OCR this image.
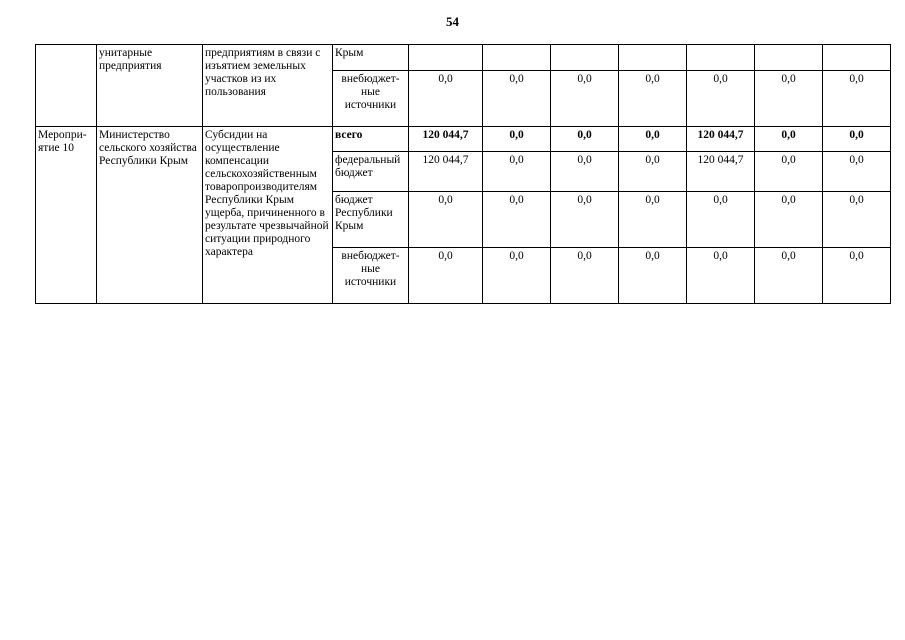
54
	унитарные предприятия	предприятиям в связи с изъятием земельных участков из их пользования	Крым							
			внебюджет-ные источники	0,0	0,0	0,0	0,0	0,0	0,0	0,0
Меропри-ятие 10	Министерство сельского хозяйства Республики Крым	Субсидии на осуществление компенсации сельскохозяйственным товаропроизводителям Республики Крым ущерба, причиненного в результате чрезвычайной ситуации природного характера	всего	120 044,7	0,0	0,0	0,0	120 044,7	0,0	0,0
			федеральный бюджет	120 044,7	0,0	0,0	0,0	120 044,7	0,0	0,0
			бюджет Республики Крым	0,0	0,0	0,0	0,0	0,0	0,0	0,0
			внебюджет-ные источники	0,0	0,0	0,0	0,0	0,0	0,0	0,0
